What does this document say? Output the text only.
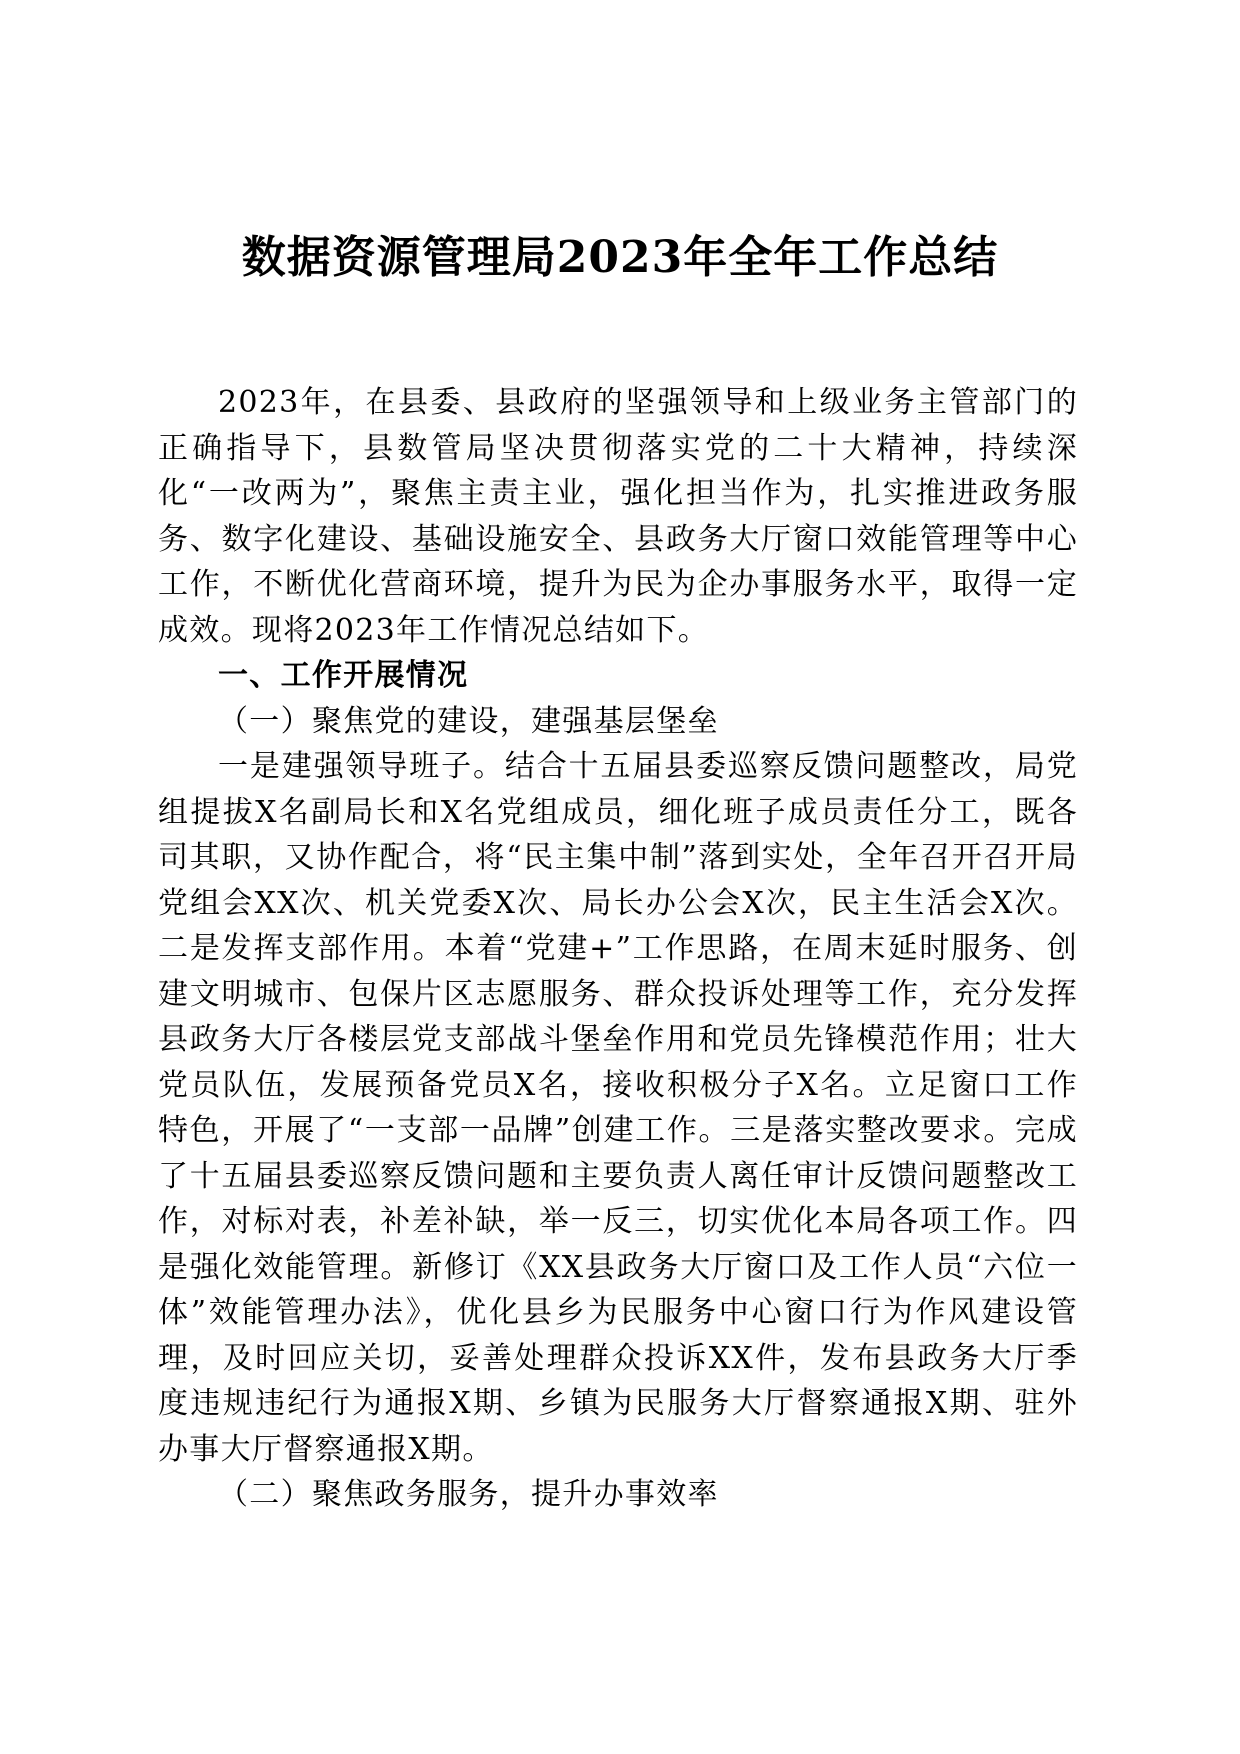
数据资源管理局2023年全年工作总结

2023年，在县委、县政府的坚强领导和上级业务主管部门的正确指导下，县数管局坚决贯彻落实党的二十大精神，持续深化“一改两为”，聚焦主责主业，强化担当作为，扎实推进政务服务、数字化建设、基础设施安全、县政务大厅窗口效能管理等中心工作，不断优化营商环境，提升为民为企办事服务水平，取得一定成效。现将2023年工作情况总结如下。

一、工作开展情况

（一）聚焦党的建设，建强基层堡垒

一是建强领导班子。结合十五届县委巡察反馈问题整改，局党组提拔X名副局长和X名党组成员，细化班子成员责任分工，既各司其职，又协作配合，将“民主集中制”落到实处，全年召开召开局党组会XX次、机关党委X次、局长办公会X次，民主生活会X次。二是发挥支部作用。本着“党建+”工作思路，在周末延时服务、创建文明城市、包保片区志愿服务、群众投诉处理等工作，充分发挥县政务大厅各楼层党支部战斗堡垒作用和党员先锋模范作用；壮大党员队伍，发展预备党员X名，接收积极分子X名。立足窗口工作特色，开展了“一支部一品牌”创建工作。三是落实整改要求。完成了十五届县委巡察反馈问题和主要负责人离任审计反馈问题整改工作，对标对表，补差补缺，举一反三，切实优化本局各项工作。四是强化效能管理。新修订《XX县政务大厅窗口及工作人员“六位一体”效能管理办法》，优化县乡为民服务中心窗口行为作风建设管理，及时回应关切，妥善处理群众投诉XX件，发布县政务大厅季度违规违纪行为通报X期、乡镇为民服务大厅督察通报X期、驻外办事大厅督察通报X期。

（二）聚焦政务服务，提升办事效率
